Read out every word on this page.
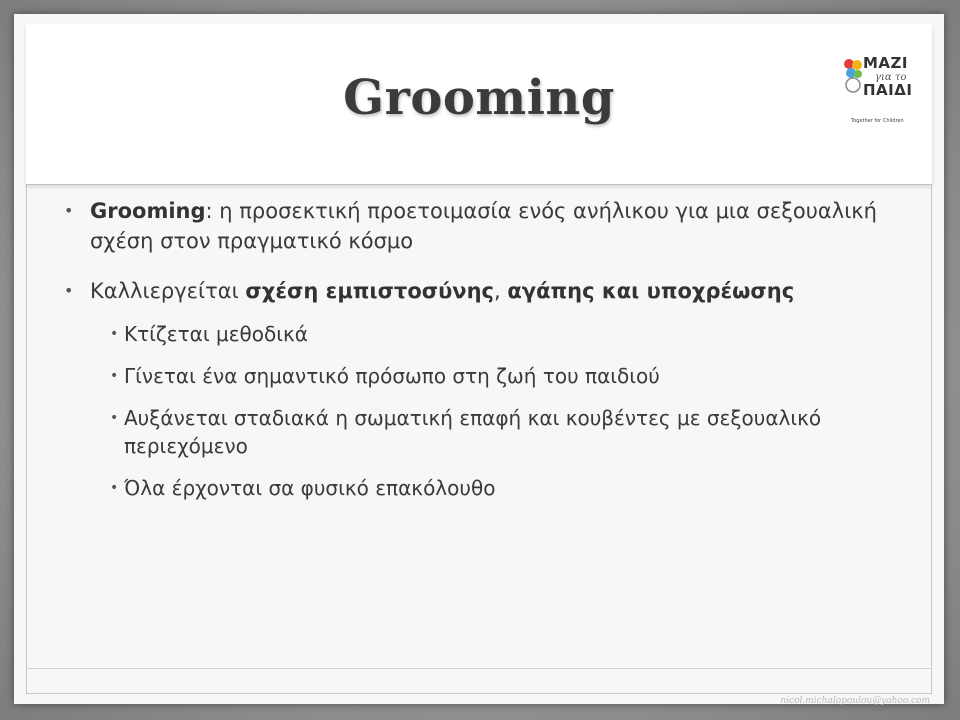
Grooming
MAZI
για το
ΠΑΙΔΙ
Together for Children
• Grooming: η προσεκτική προετοιμασία ενός ανήλικου για μια σεξουαλική σχέση στον πραγματικό κόσμο
• Καλλιεργείται σχέση εμπιστοσύνης, αγάπης και υποχρέωσης
• Κτίζεται μεθοδικά
• Γίνεται ένα σημαντικό πρόσωπο στη ζωή του παιδιού
• Αυξάνεται σταδιακά η σωματική επαφή και κουβέντες με σεξουαλικό περιεχόμενο
• Όλα έρχονται σα φυσικό επακόλουθο
nicol.michalopoulou@yahoo.com
